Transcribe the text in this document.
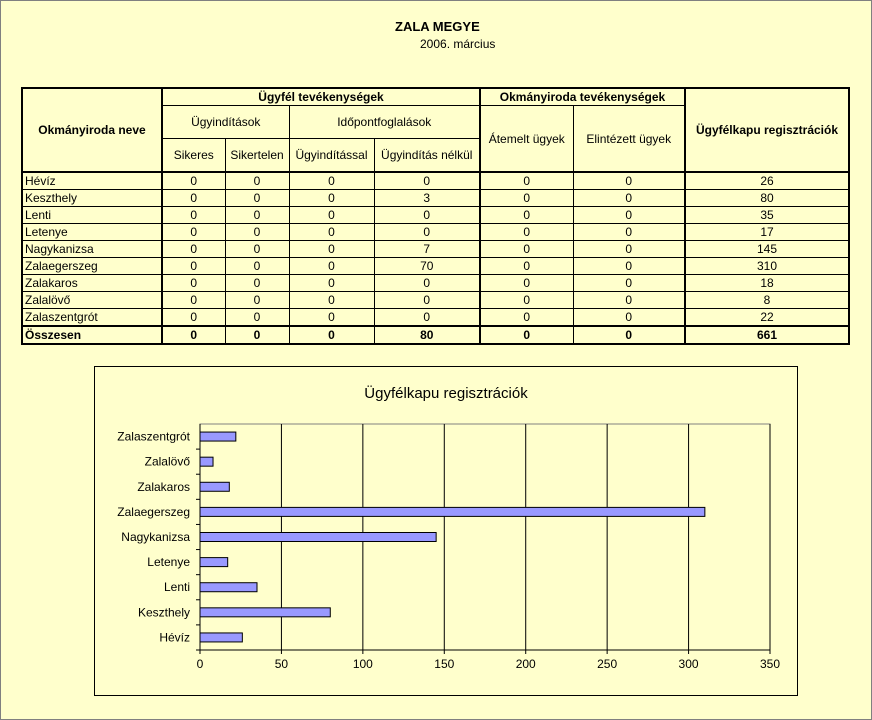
ZALA MEGYE
2006. március
Okmányiroda neve	Ügyfél tevékenységek				Okmányiroda tevékenységek		Ügyfélkapu regisztrációk
	Ügyindítások		Időpontfoglalások		Átemelt ügyek	Elintézett ügyek	
	Sikeres	Sikertelen	Ügyindítással	Ügyindítás nélkül			
Hévíz	0	0	0	0	0	0	26
Keszthely	0	0	0	3	0	0	80
Lenti	0	0	0	0	0	0	35
Letenye	0	0	0	0	0	0	17
Nagykanizsa	0	0	0	7	0	0	145
Zalaegerszeg	0	0	0	70	0	0	310
Zalakaros	0	0	0	0	0	0	18
Zalalövő	0	0	0	0	0	0	8
Zalaszentgrót	0	0	0	0	0	0	22
Összesen	0	0	0	80	0	0	661
Ügyfélkapu regisztrációk
0	50	100	150	200	250	300	350
Hévíz
Keszthely
Lenti
Letenye
Nagykanizsa
Zalaegerszeg
Zalakaros
Zalalövő
Zalaszentgrót
